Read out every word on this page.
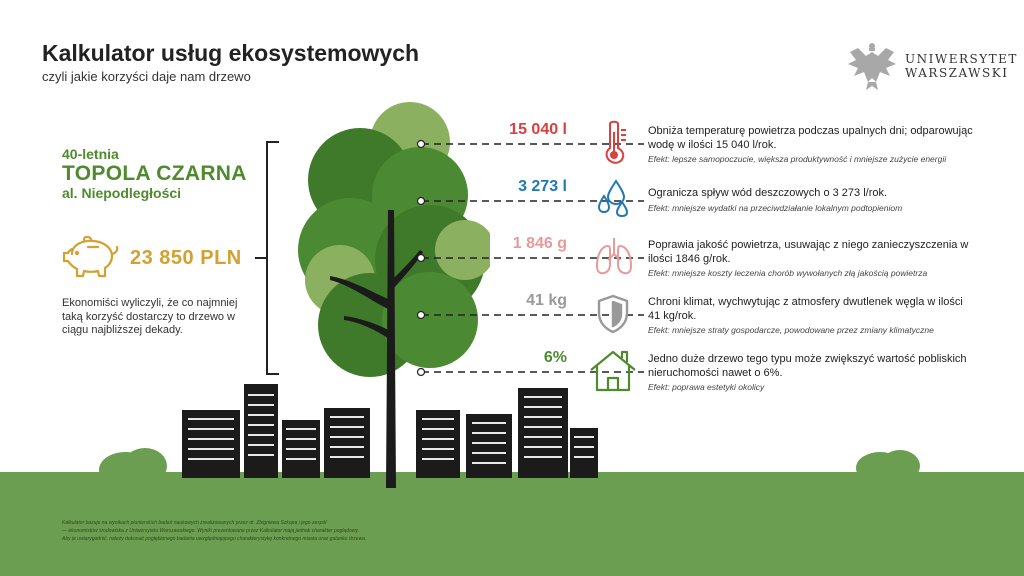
Kalkulator usług ekosystemowych
czyli jakie korzyści daje nam drzewo
UNIWERSYTET
WARSZAWSKI
40-letnia
TOPOLA CZARNA
al. Niepodległości
23 850 PLN
Ekonomiści wyliczyli, że co najmniej taką korzyść dostarczy to drzewo w ciągu najbliższej dekady.
15 040 l
3 273 l
1 846 g
41 kg
6%
Obniża temperaturę powietrza podczas upalnych dni; odparowując wodę w ilości 15 040 l/rok.
Efekt: lepsze samopoczucie, większa produktywność i mniejsze zużycie energii
Ogranicza spływ wód deszczowych o 3 273 l/rok.
Efekt: mniejsze wydatki na przeciwdziałanie lokalnym podtopieniom
Poprawia jakość powietrza, usuwając z niego zanieczyszczenia w ilości 1846 g/rok.
Efekt: mniejsze koszty leczenia chorób wywołanych złą jakością powietrza
Chroni klimat, wychwytując z atmosfery dwutlenek węgla w ilości 41 kg/rok.
Efekt: mniejsze straty gospodarcze, powodowane przez zmiany klimatyczne
Jedno duże drzewo tego typu może zwiększyć wartość pobliskich nieruchomości nawet o 6%.
Efekt: poprawa estetyki okolicy
Kalkulator bazuje na wynikach pionierskich badań naukowych zrealizowanych przez dr. Zbigniewa Szkopa i jego zespół
— ekonomistów środowiska z Uniwersytetu Warszawskiego. Wyniki prezentowane przez Kalkulator mają jednak charakter poglądowy.
Aby je uwiarygodnić, należy dokonać pogłębionego badania uwzględniającego charakterystykę konkretnego miasta oraz gatunku drzewa.
